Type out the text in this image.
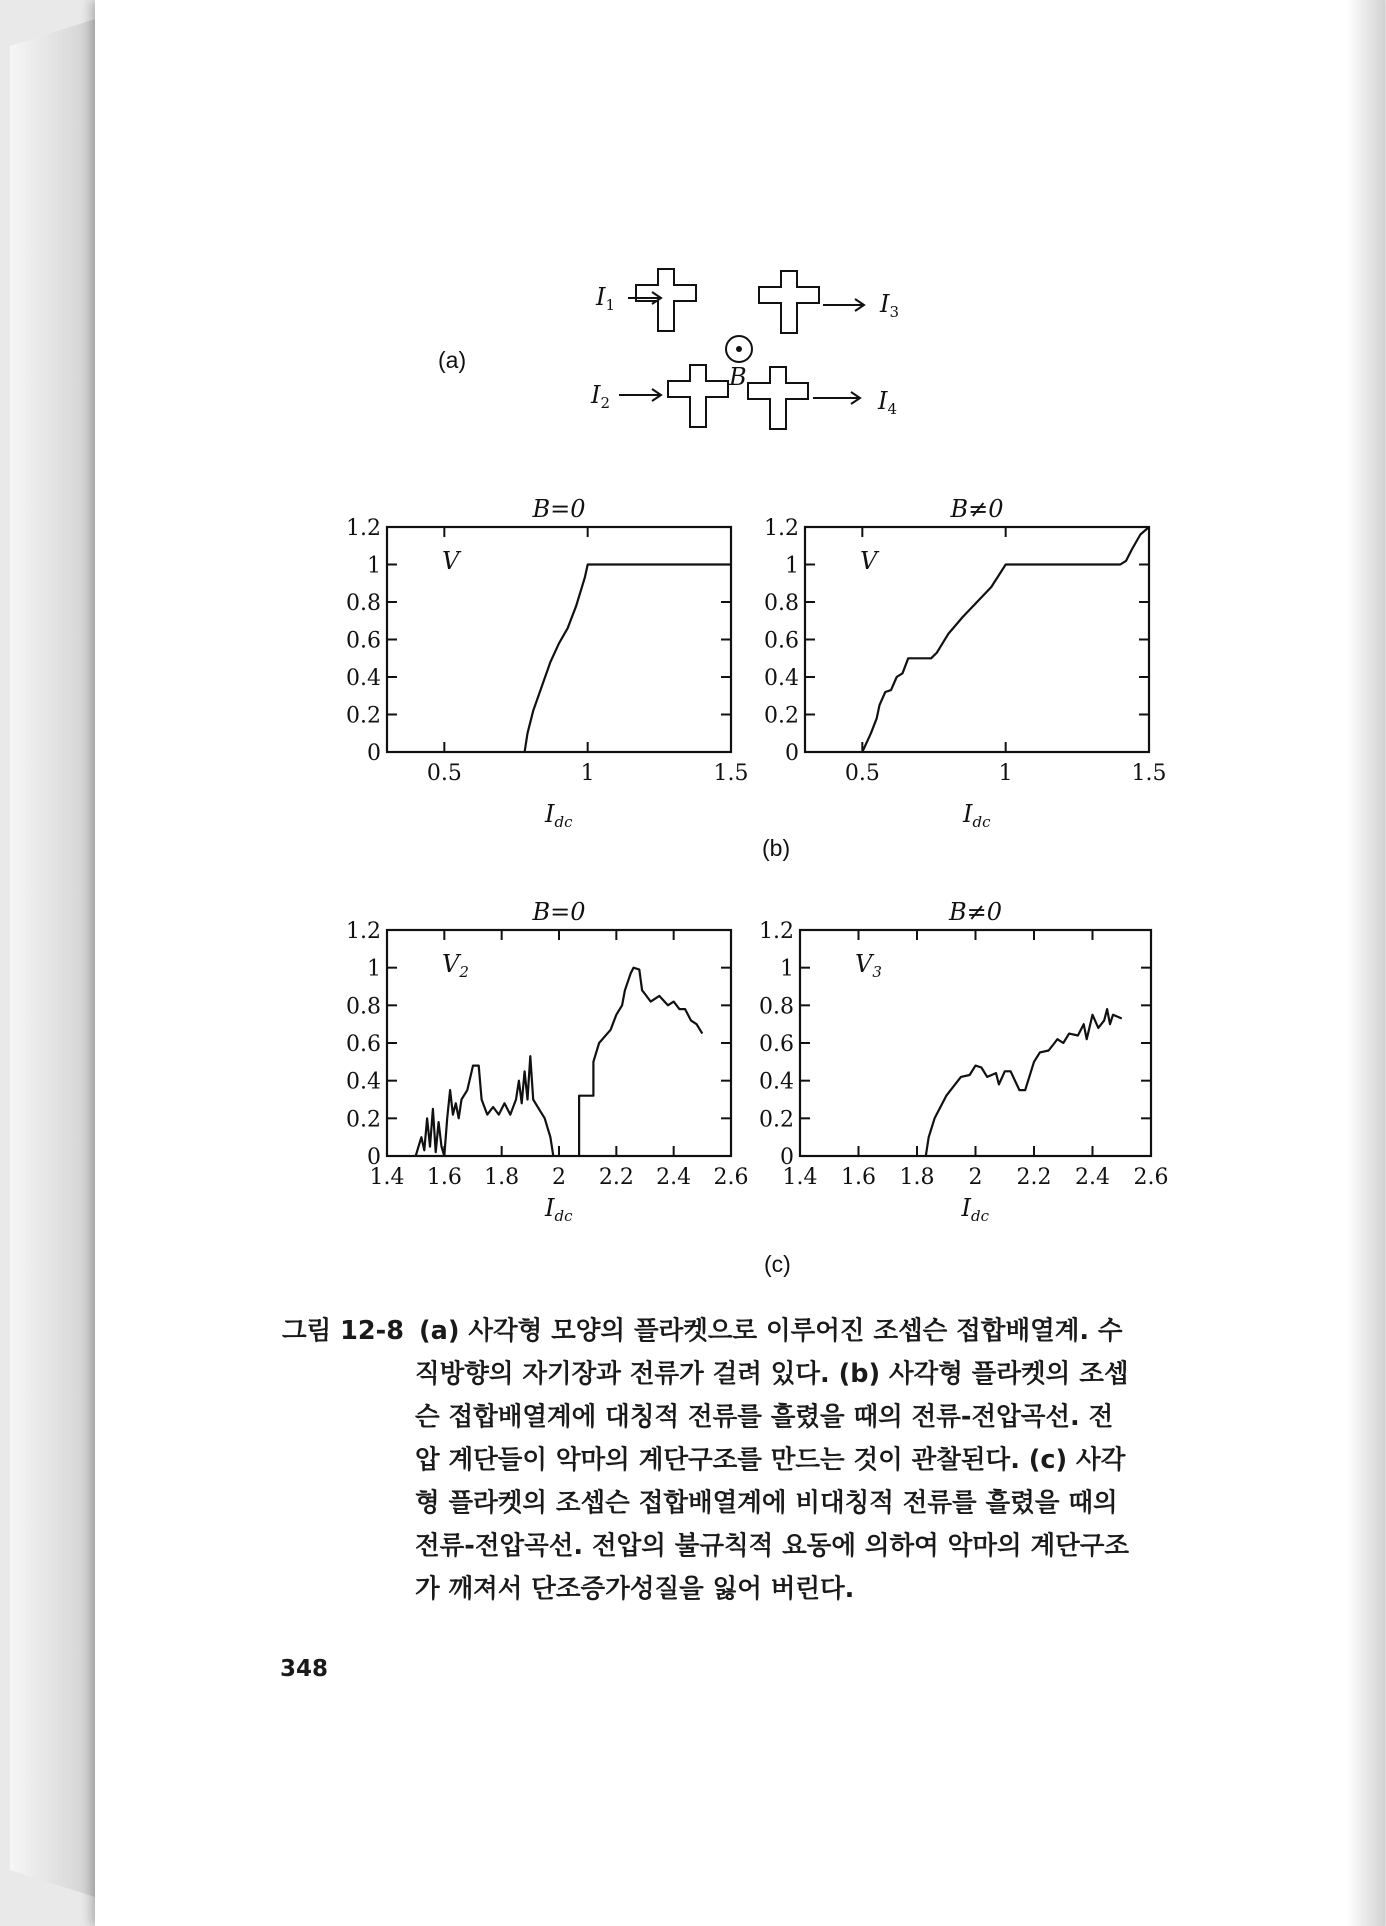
(a)
$I_1$	$I_3$
$I_2$	$I_4$
B
B=0
0
0.2
0.4
0.6
0.8
1
1.2
0.5	1	1.5
V
$I_{dc}$
B≠0
0
0.2
0.4
0.6
0.8
1
1.2
0.5	1	1.5
V
$I_{dc}$
B=0
0
0.2
0.4
0.6
0.8
1
1.2
1.4 1.6 1.8 2 2.2 2.4 2.6
$V_2$
$I_{dc}$
B≠0
0
0.2
0.4
0.6
0.8
1
1.2
1.4 1.6 1.8 2 2.2 2.4 2.6
$V_3$
$I_{dc}$
(b)
(c)
그림 12-8 (a) 사각형 모양의 플라켓으로 이루어진 조셉슨 접합배열계. 수
직방향의 자기장과 전류가 걸려 있다. (b) 사각형 플라켓의 조셉
슨 접합배열계에 대칭적 전류를 흘렸을 때의 전류-전압곡선. 전
압 계단들이 악마의 계단구조를 만드는 것이 관찰된다. (c) 사각
형 플라켓의 조셉슨 접합배열계에 비대칭적 전류를 흘렸을 때의
전류-전압곡선. 전압의 불규칙적 요동에 의하여 악마의 계단구조
가 깨져서 단조증가성질을 잃어 버린다.
348
